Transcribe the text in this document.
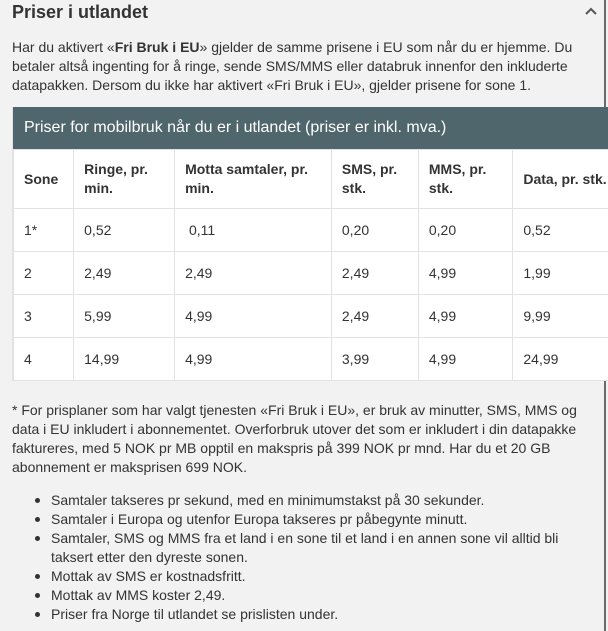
Priser i utlandet

Har du aktivert «Fri Bruk i EU» gjelder de samme prisene i EU som når du er hjemme. Du betaler altså ingenting for å ringe, sende SMS/MMS eller databruk innenfor den inkluderte datapakken. Dersom du ikke har aktivert «Fri Bruk i EU», gjelder prisene for sone 1.

Priser for mobilbruk når du er i utlandet (priser er inkl. mva.)
Sone	Ringe, pr. min.	Motta samtaler, pr. min.	SMS, pr. stk.	MMS, pr. stk.	Data, pr. stk.
1*	0,52	0,11	0,20	0,20	0,52
2	2,49	2,49	2,49	4,99	1,99
3	5,99	4,99	2,49	4,99	9,99
4	14,99	4,99	3,99	4,99	24,99

* For prisplaner som har valgt tjenesten «Fri Bruk i EU», er bruk av minutter, SMS, MMS og data i EU inkludert i abonnementet. Overforbruk utover det som er inkludert i din datapakke faktureres, med 5 NOK pr MB opptil en makspris på 399 NOK pr mnd. Har du et 20 GB abonnement er maksprisen 699 NOK.

Samtaler takseres pr sekund, med en minimumstakst på 30 sekunder.
Samtaler i Europa og utenfor Europa takseres pr påbegynte minutt.
Samtaler, SMS og MMS fra et land i en sone til et land i en annen sone vil alltid bli taksert etter den dyreste sonen.
Mottak av SMS er kostnadsfritt.
Mottak av MMS koster 2,49.
Priser fra Norge til utlandet se prislisten under.
